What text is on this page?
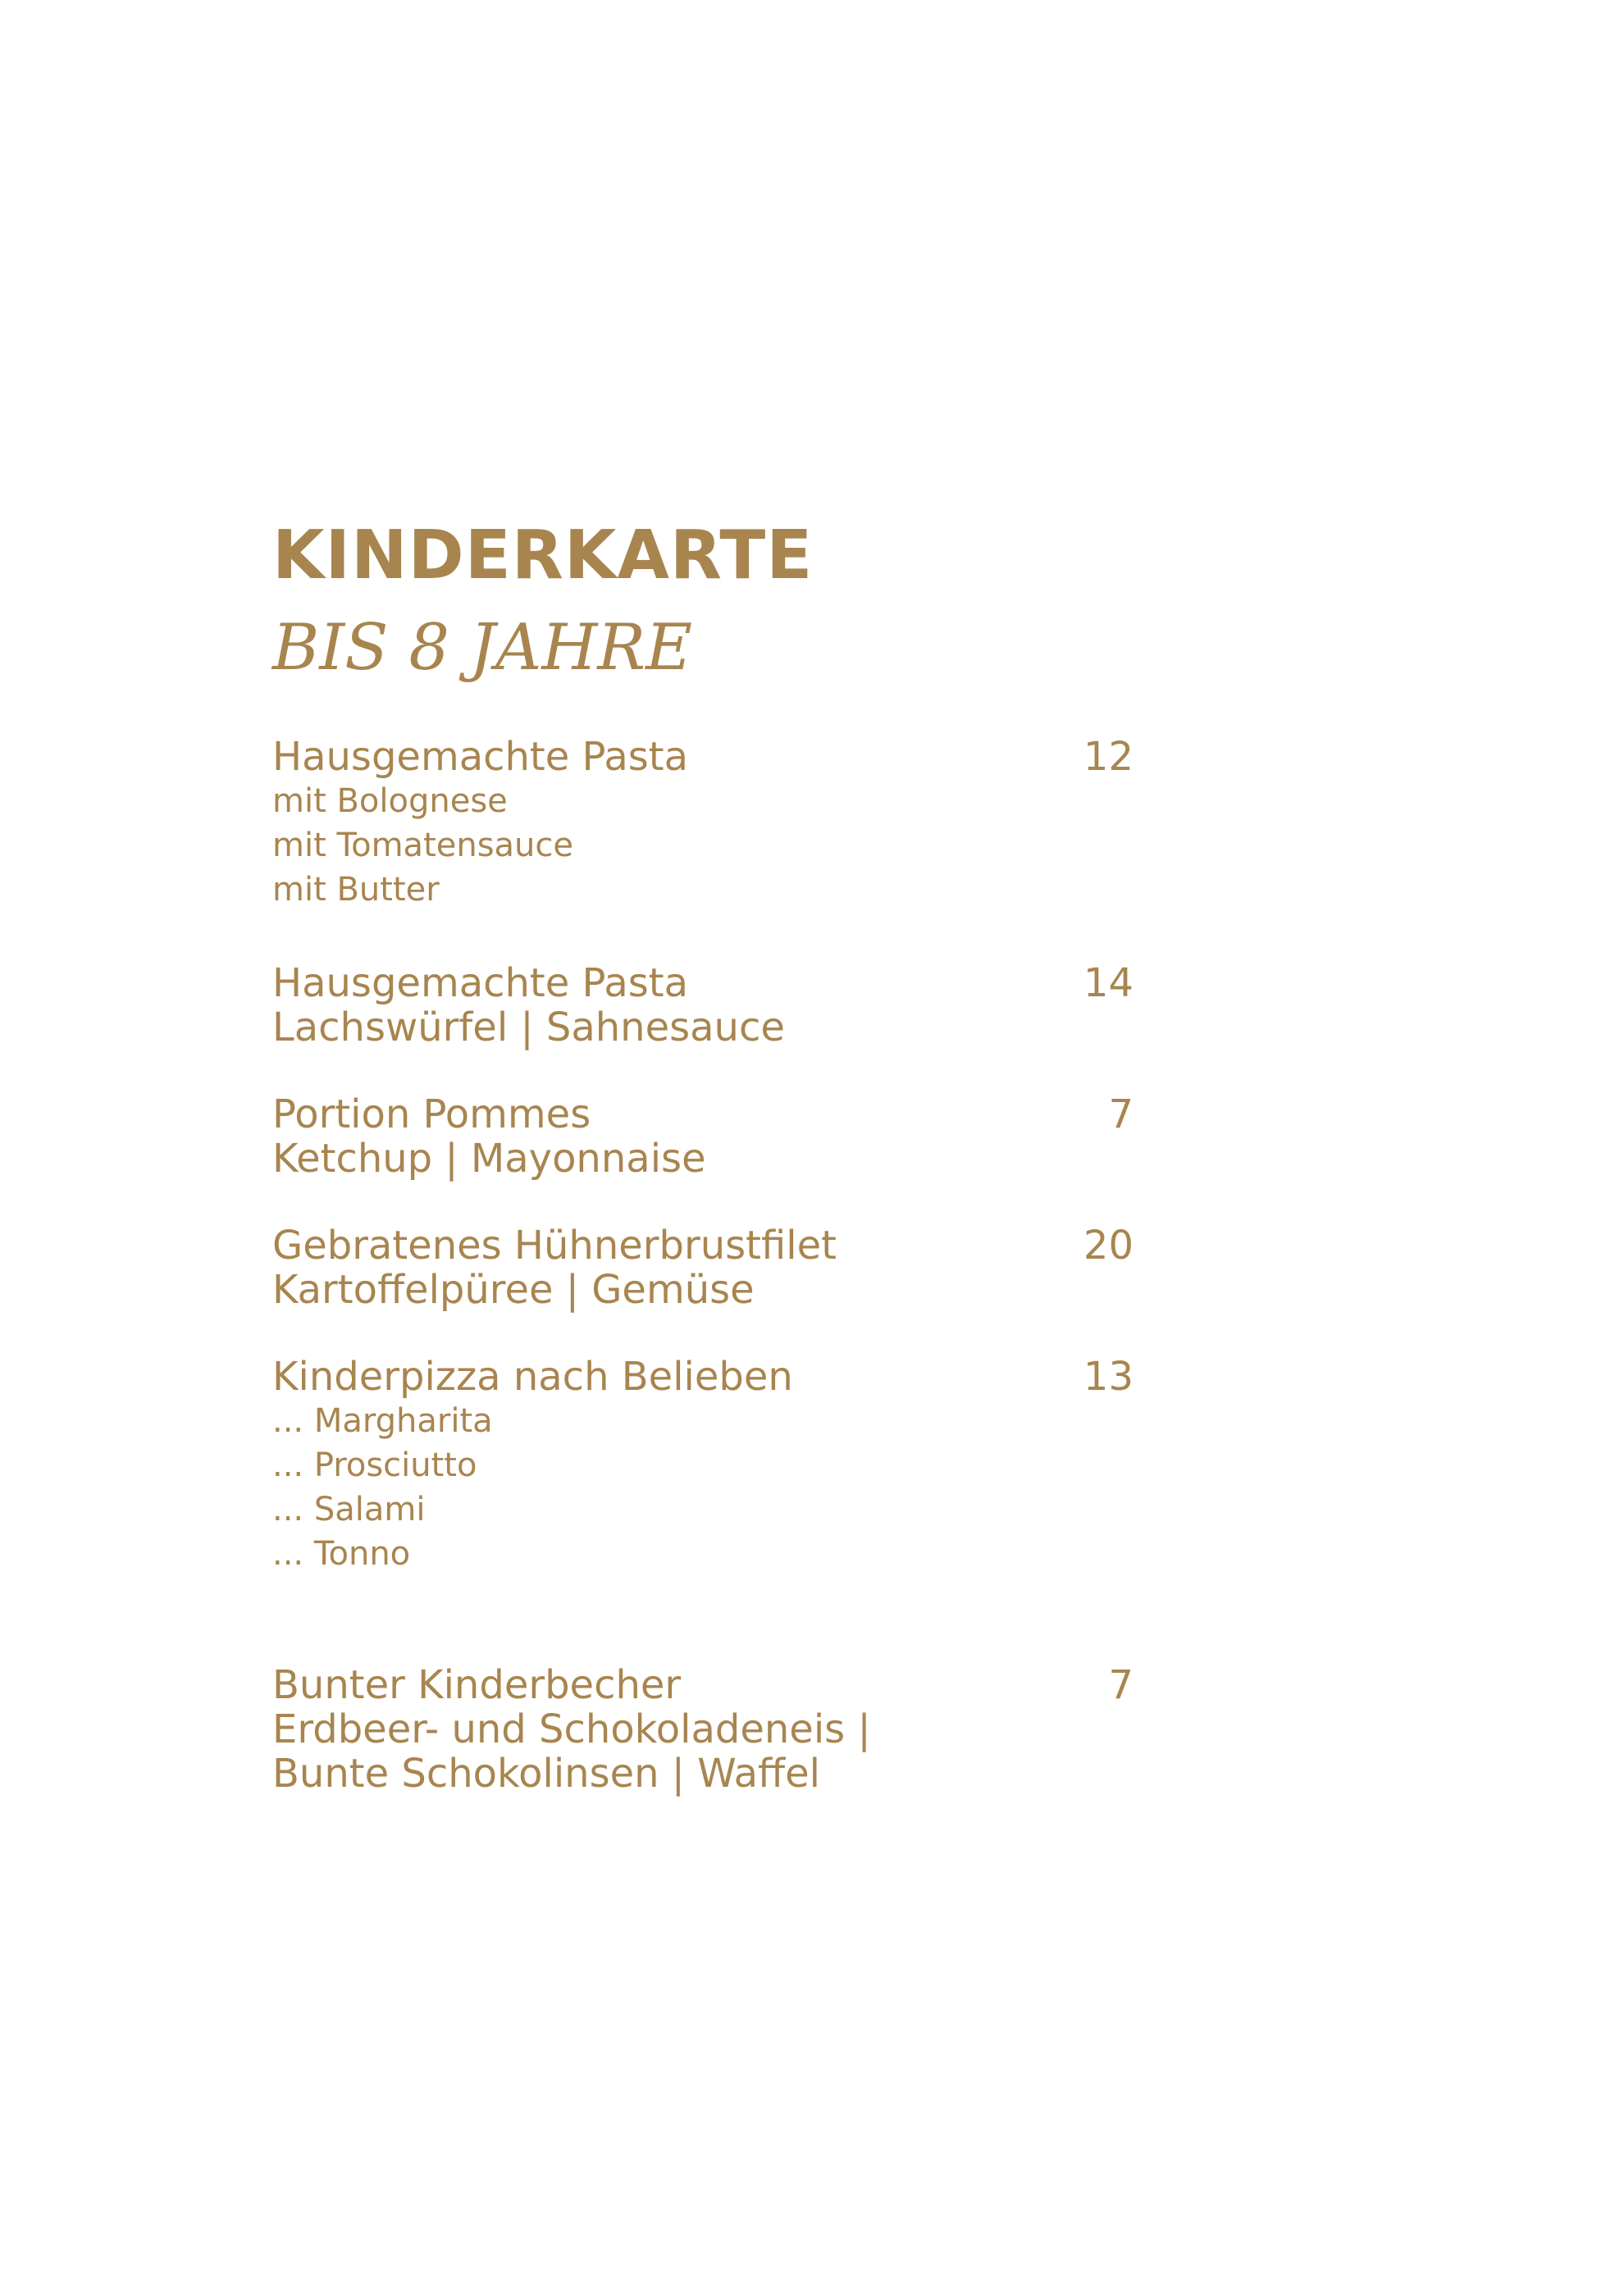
KINDERKARTE
BIS 8 JAHRE
Hausgemachte Pasta	12
mit Bolognese
mit Tomatensauce
mit Butter
Hausgemachte Pasta	14
Lachswürfel | Sahnesauce
Portion Pommes	7
Ketchup | Mayonnaise
Gebratenes Hühnerbrustfilet	20
Kartoffelpüree | Gemüse
Kinderpizza nach Belieben	13
... Margharita
... Prosciutto
... Salami
... Tonno
Bunter Kinderbecher	7
Erdbeer- und Schokoladeneis |
Bunte Schokolinsen | Waffel
